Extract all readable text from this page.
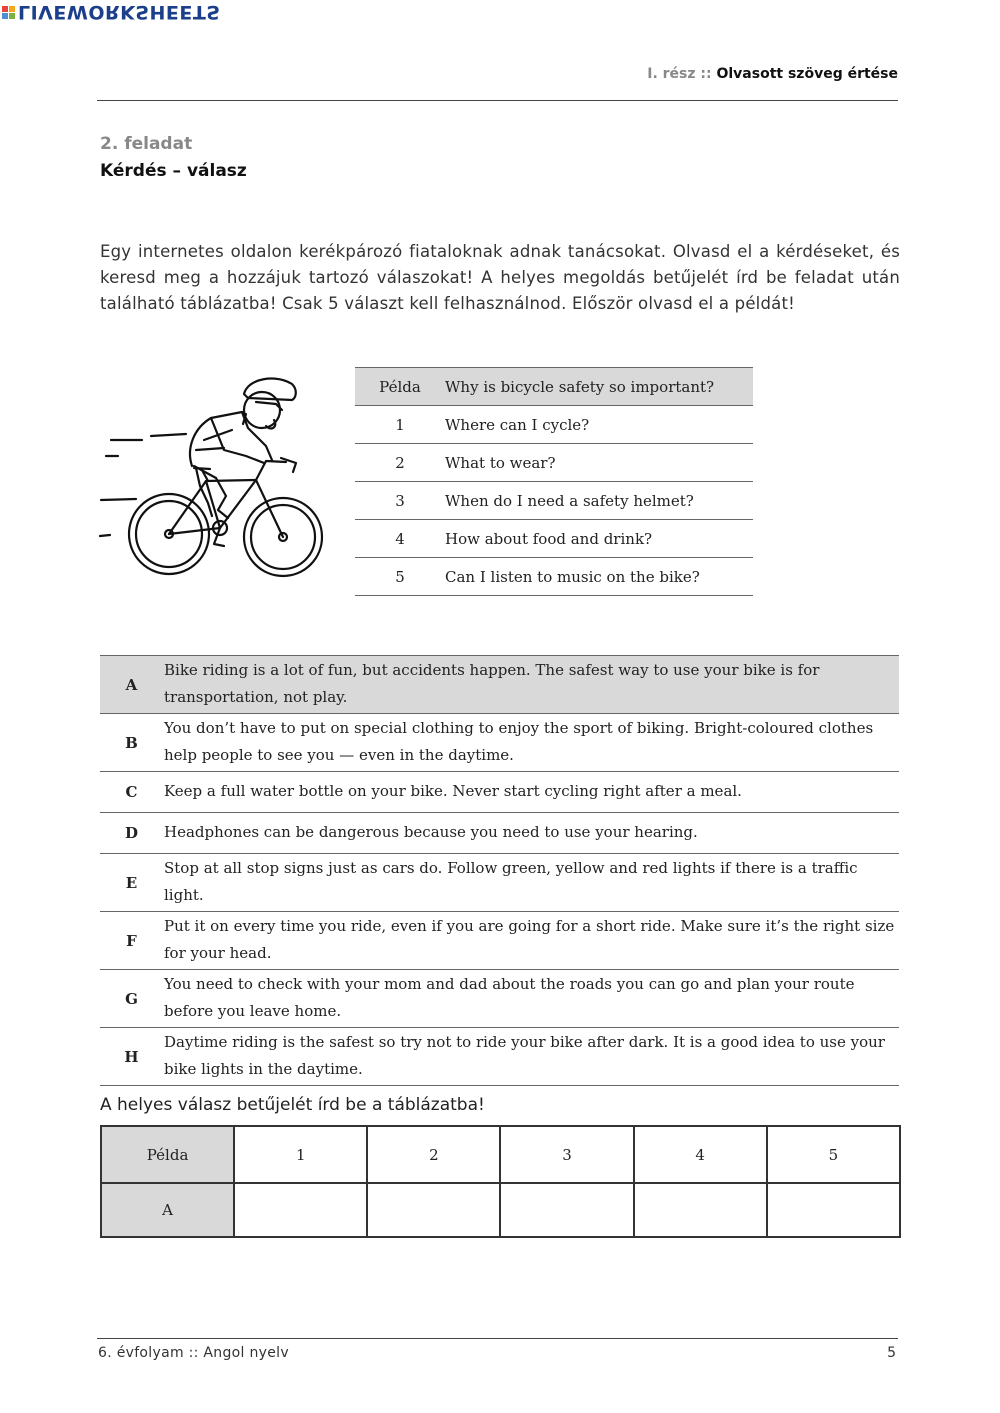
LIVEWORKSHEETS
I. rész :: Olvasott szöveg értése
2. feladat
Kérdés – válasz
Egy internetes oldalon kerékpározó fiataloknak adnak tanácsokat. Olvasd el a kérdéseket, és keresd meg a hozzájuk tartozó válaszokat! A helyes megoldás betűjelét írd be feladat után található táblázatba! Csak 5 választ kell felhasználnod. Először olvasd el a példát!
Példa	Why is bicycle safety so important?
1	Where can I cycle?
2	What to wear?
3	When do I need a safety helmet?
4	How about food and drink?
5	Can I listen to music on the bike?
A	Bike riding is a lot of fun, but accidents happen. The safest way to use your bike is for transportation, not play.
B	You don’t have to put on special clothing to enjoy the sport of biking. Bright-coloured clothes help people to see you — even in the daytime.
C	Keep a full water bottle on your bike. Never start cycling right after a meal.
D	Headphones can be dangerous because you need to use your hearing.
E	Stop at all stop signs just as cars do. Follow green, yellow and red lights if there is a traffic light.
F	Put it on every time you ride, even if you are going for a short ride. Make sure it’s the right size for your head.
G	You need to check with your mom and dad about the roads you can go and plan your route before you leave home.
H	Daytime riding is the safest so try not to ride your bike after dark. It is a good idea to use your bike lights in the daytime.
A helyes válasz betűjelét írd be a táblázatba!
Példa	1	2	3	4	5
A					
6. évfolyam :: Angol nyelv	5
